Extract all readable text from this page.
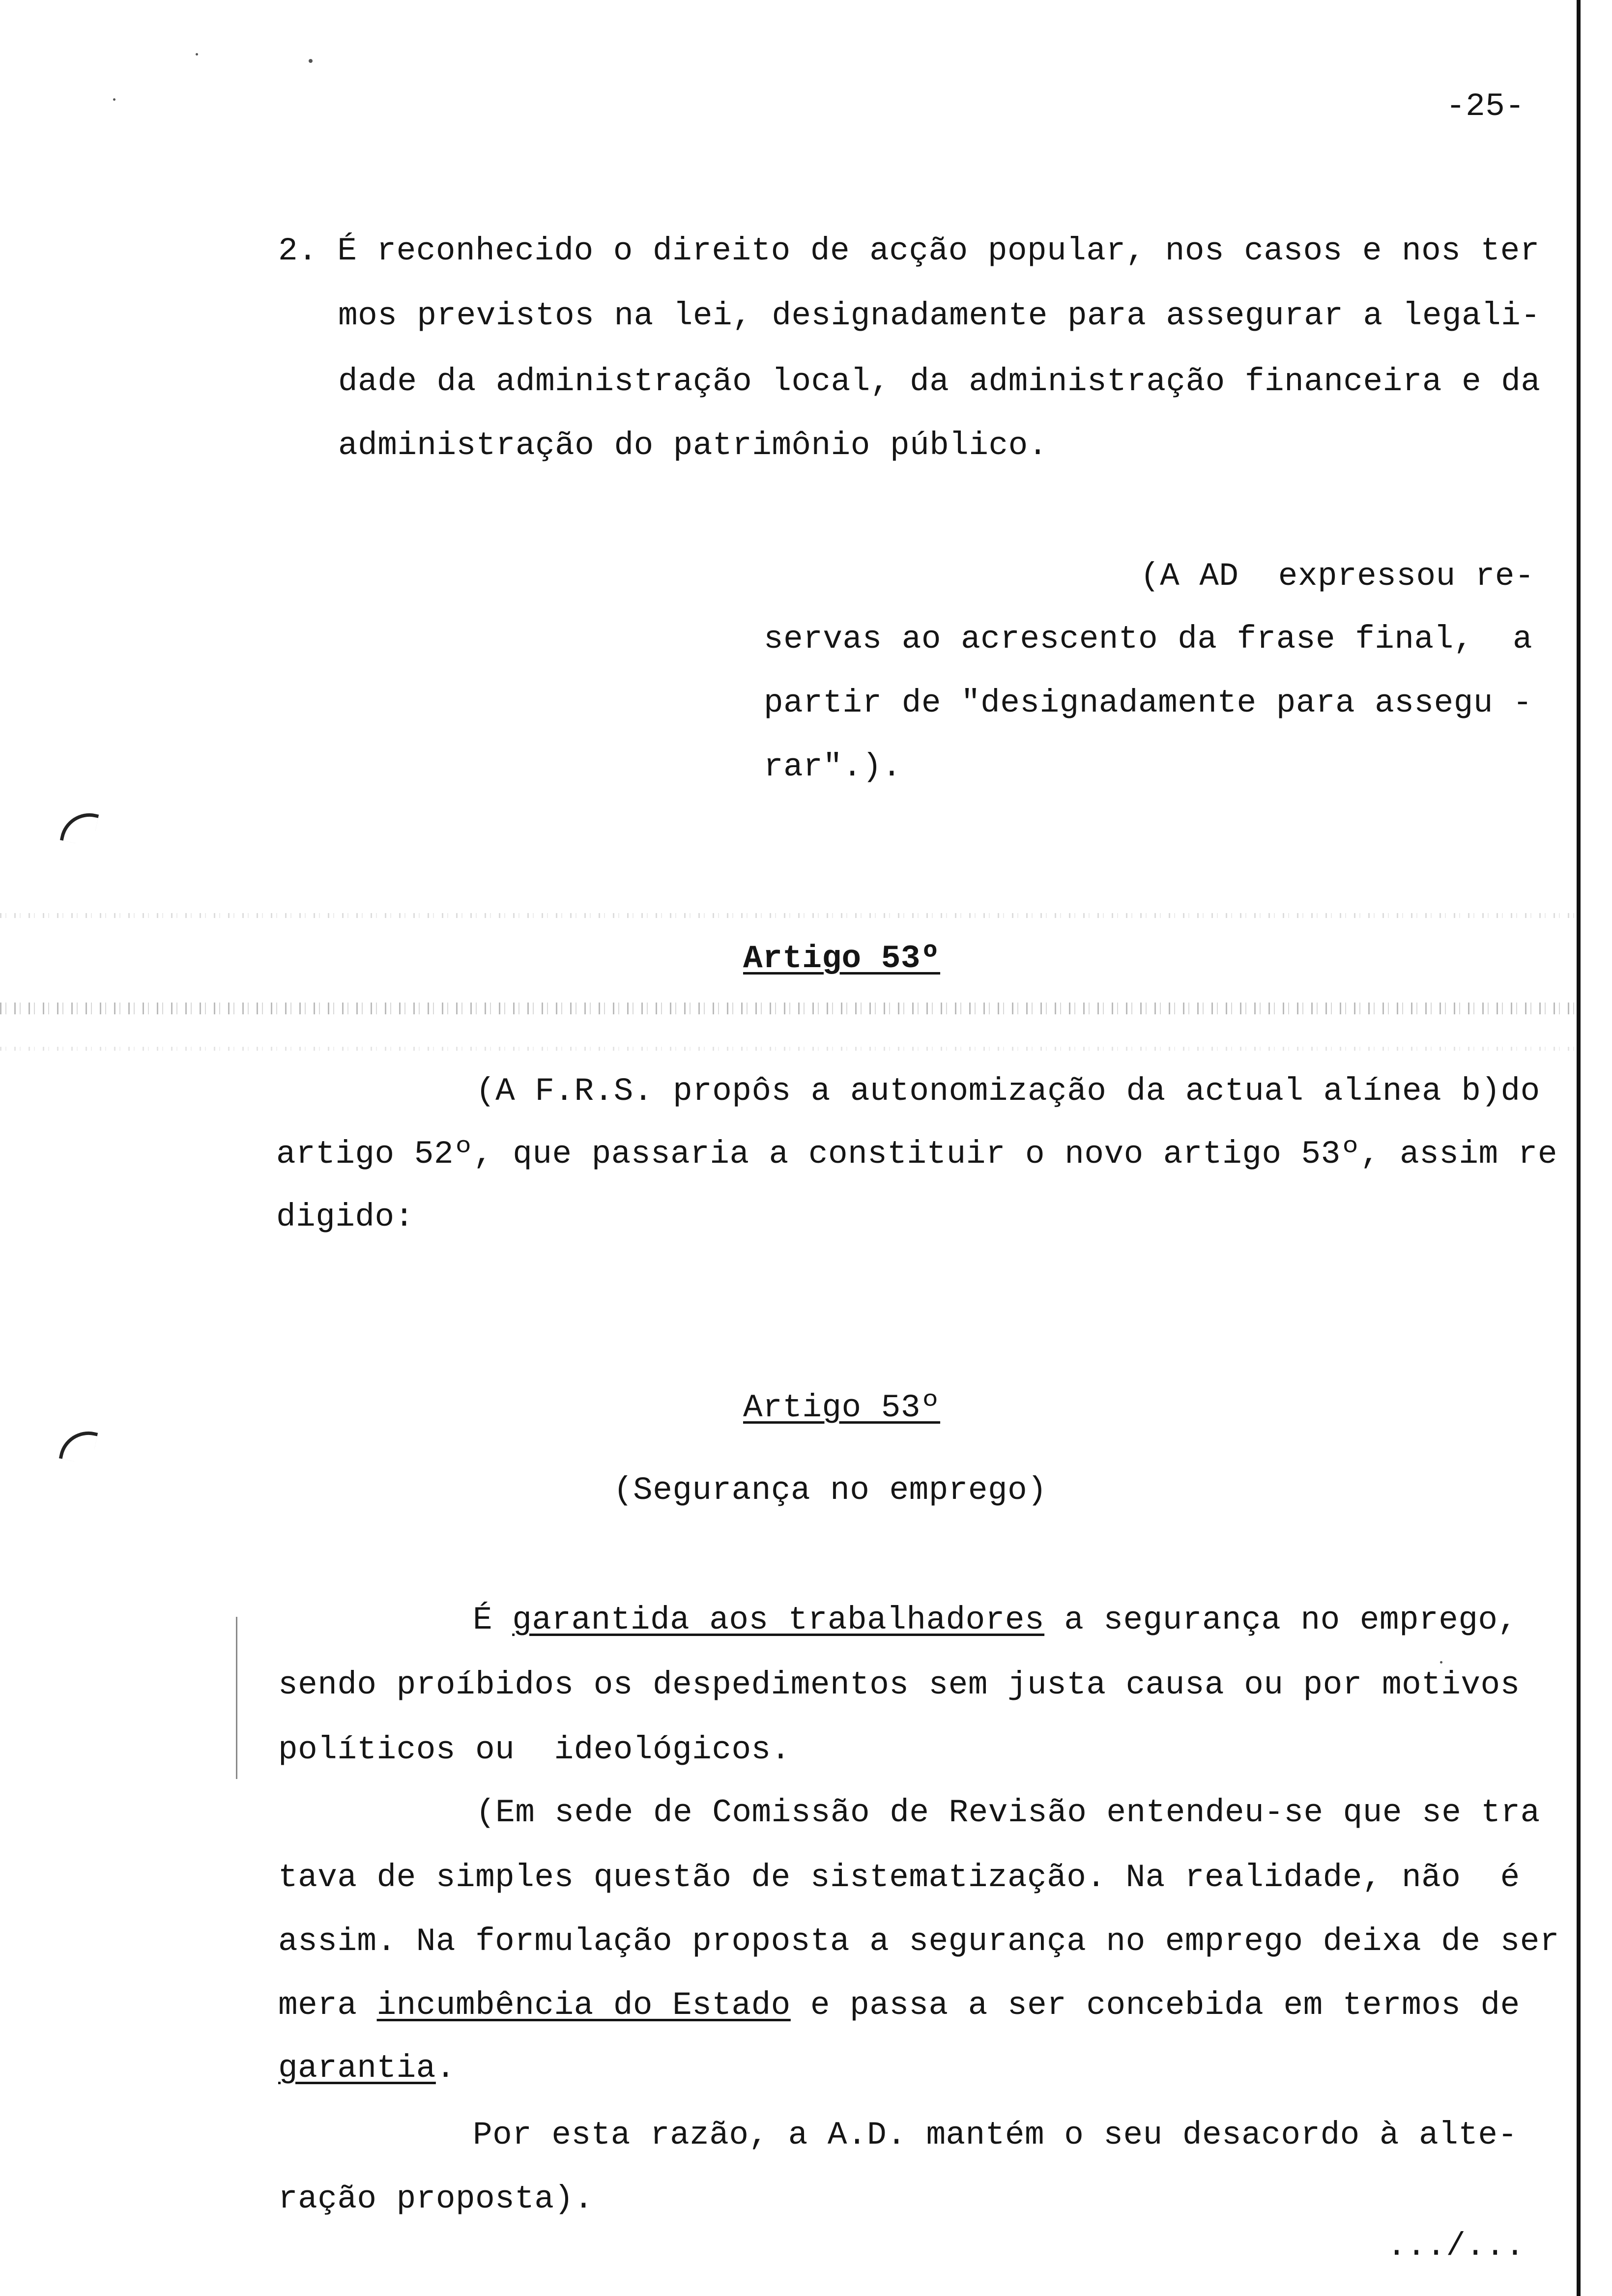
-25-
2. É reconhecido o direito de acção popular, nos casos e nos ter
mos previstos na lei, designadamente para assegurar a legali-
dade da administração local, da administração financeira e da
administração do patrimônio público.
(A AD  expressou re-
servas ao acrescento da frase final,  a
partir de "designadamente para assegu -
rar".).
Artigo 53º
(A F.R.S. propôs a autonomização da actual alínea b)do
artigo 52º, que passaria a constituir o novo artigo 53º, assim re
digido:
Artigo 53º
(Segurança no emprego)
É garantida aos trabalhadores a segurança no emprego,
sendo proíbidos os despedimentos sem justa causa ou por motivos
políticos ou  ideológicos.
(Em sede de Comissão de Revisão entendeu-se que se tra
tava de simples questão de sistematização. Na realidade, não  é
assim. Na formulação proposta a segurança no emprego deixa de ser
mera incumbência do Estado e passa a ser concebida em termos de
garantia.
Por esta razão, a A.D. mantém o seu desacordo à alte-
ração proposta).
.../...
